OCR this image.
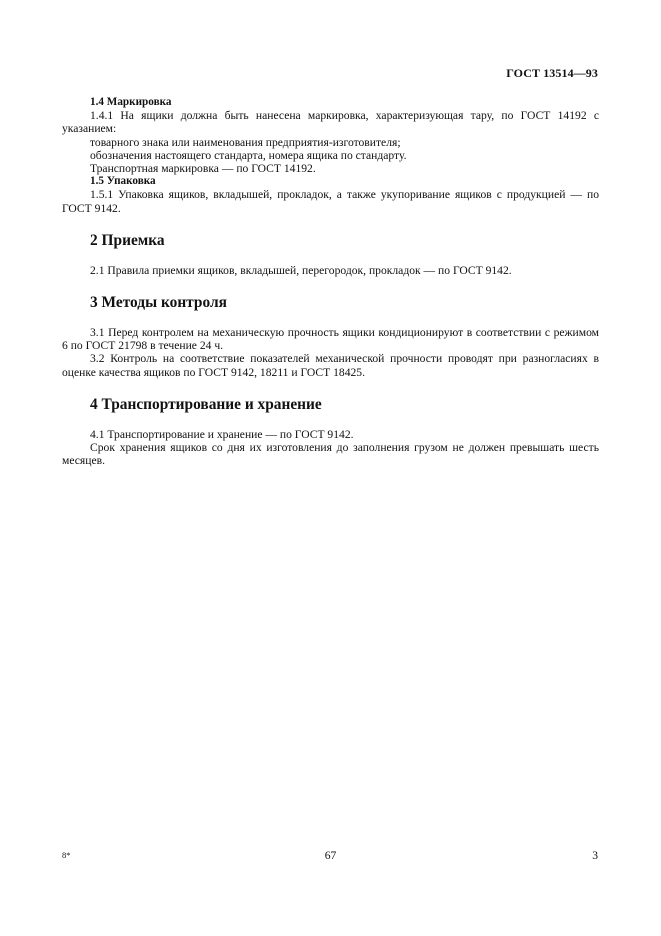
ГОСТ 13514—93
1.4 Маркировка

1.4.1 На ящики должна быть нанесена маркировка, характеризующая тару, по ГОСТ 14192 с указанием:

товарного знака или наименования предприятия-изготовителя;

обозначения настоящего стандарта, номера ящика по стандарту.

Транспортная маркировка — по ГОСТ 14192.

1.5 Упаковка

1.5.1 Упаковка ящиков, вкладышей, прокладок, а также укупоривание ящиков с продукцией — по ГОСТ 9142.

2 Приемка

2.1 Правила приемки ящиков, вкладышей, перегородок, прокладок — по ГОСТ 9142.

3 Методы контроля

3.1 Перед контролем на механическую прочность ящики кондиционируют в соответствии с режимом 6 по ГОСТ 21798 в течение 24 ч.

3.2 Контроль на соответствие показателей механической прочности проводят при разногласиях в оценке качества ящиков по ГОСТ 9142, 18211 и ГОСТ 18425.

4 Транспортирование и хранение

4.1 Транспортирование и хранение — по ГОСТ 9142.

Срок хранения ящиков со дня их изготовления до заполнения грузом не должен превышать шесть месяцев.

8*	67	3
